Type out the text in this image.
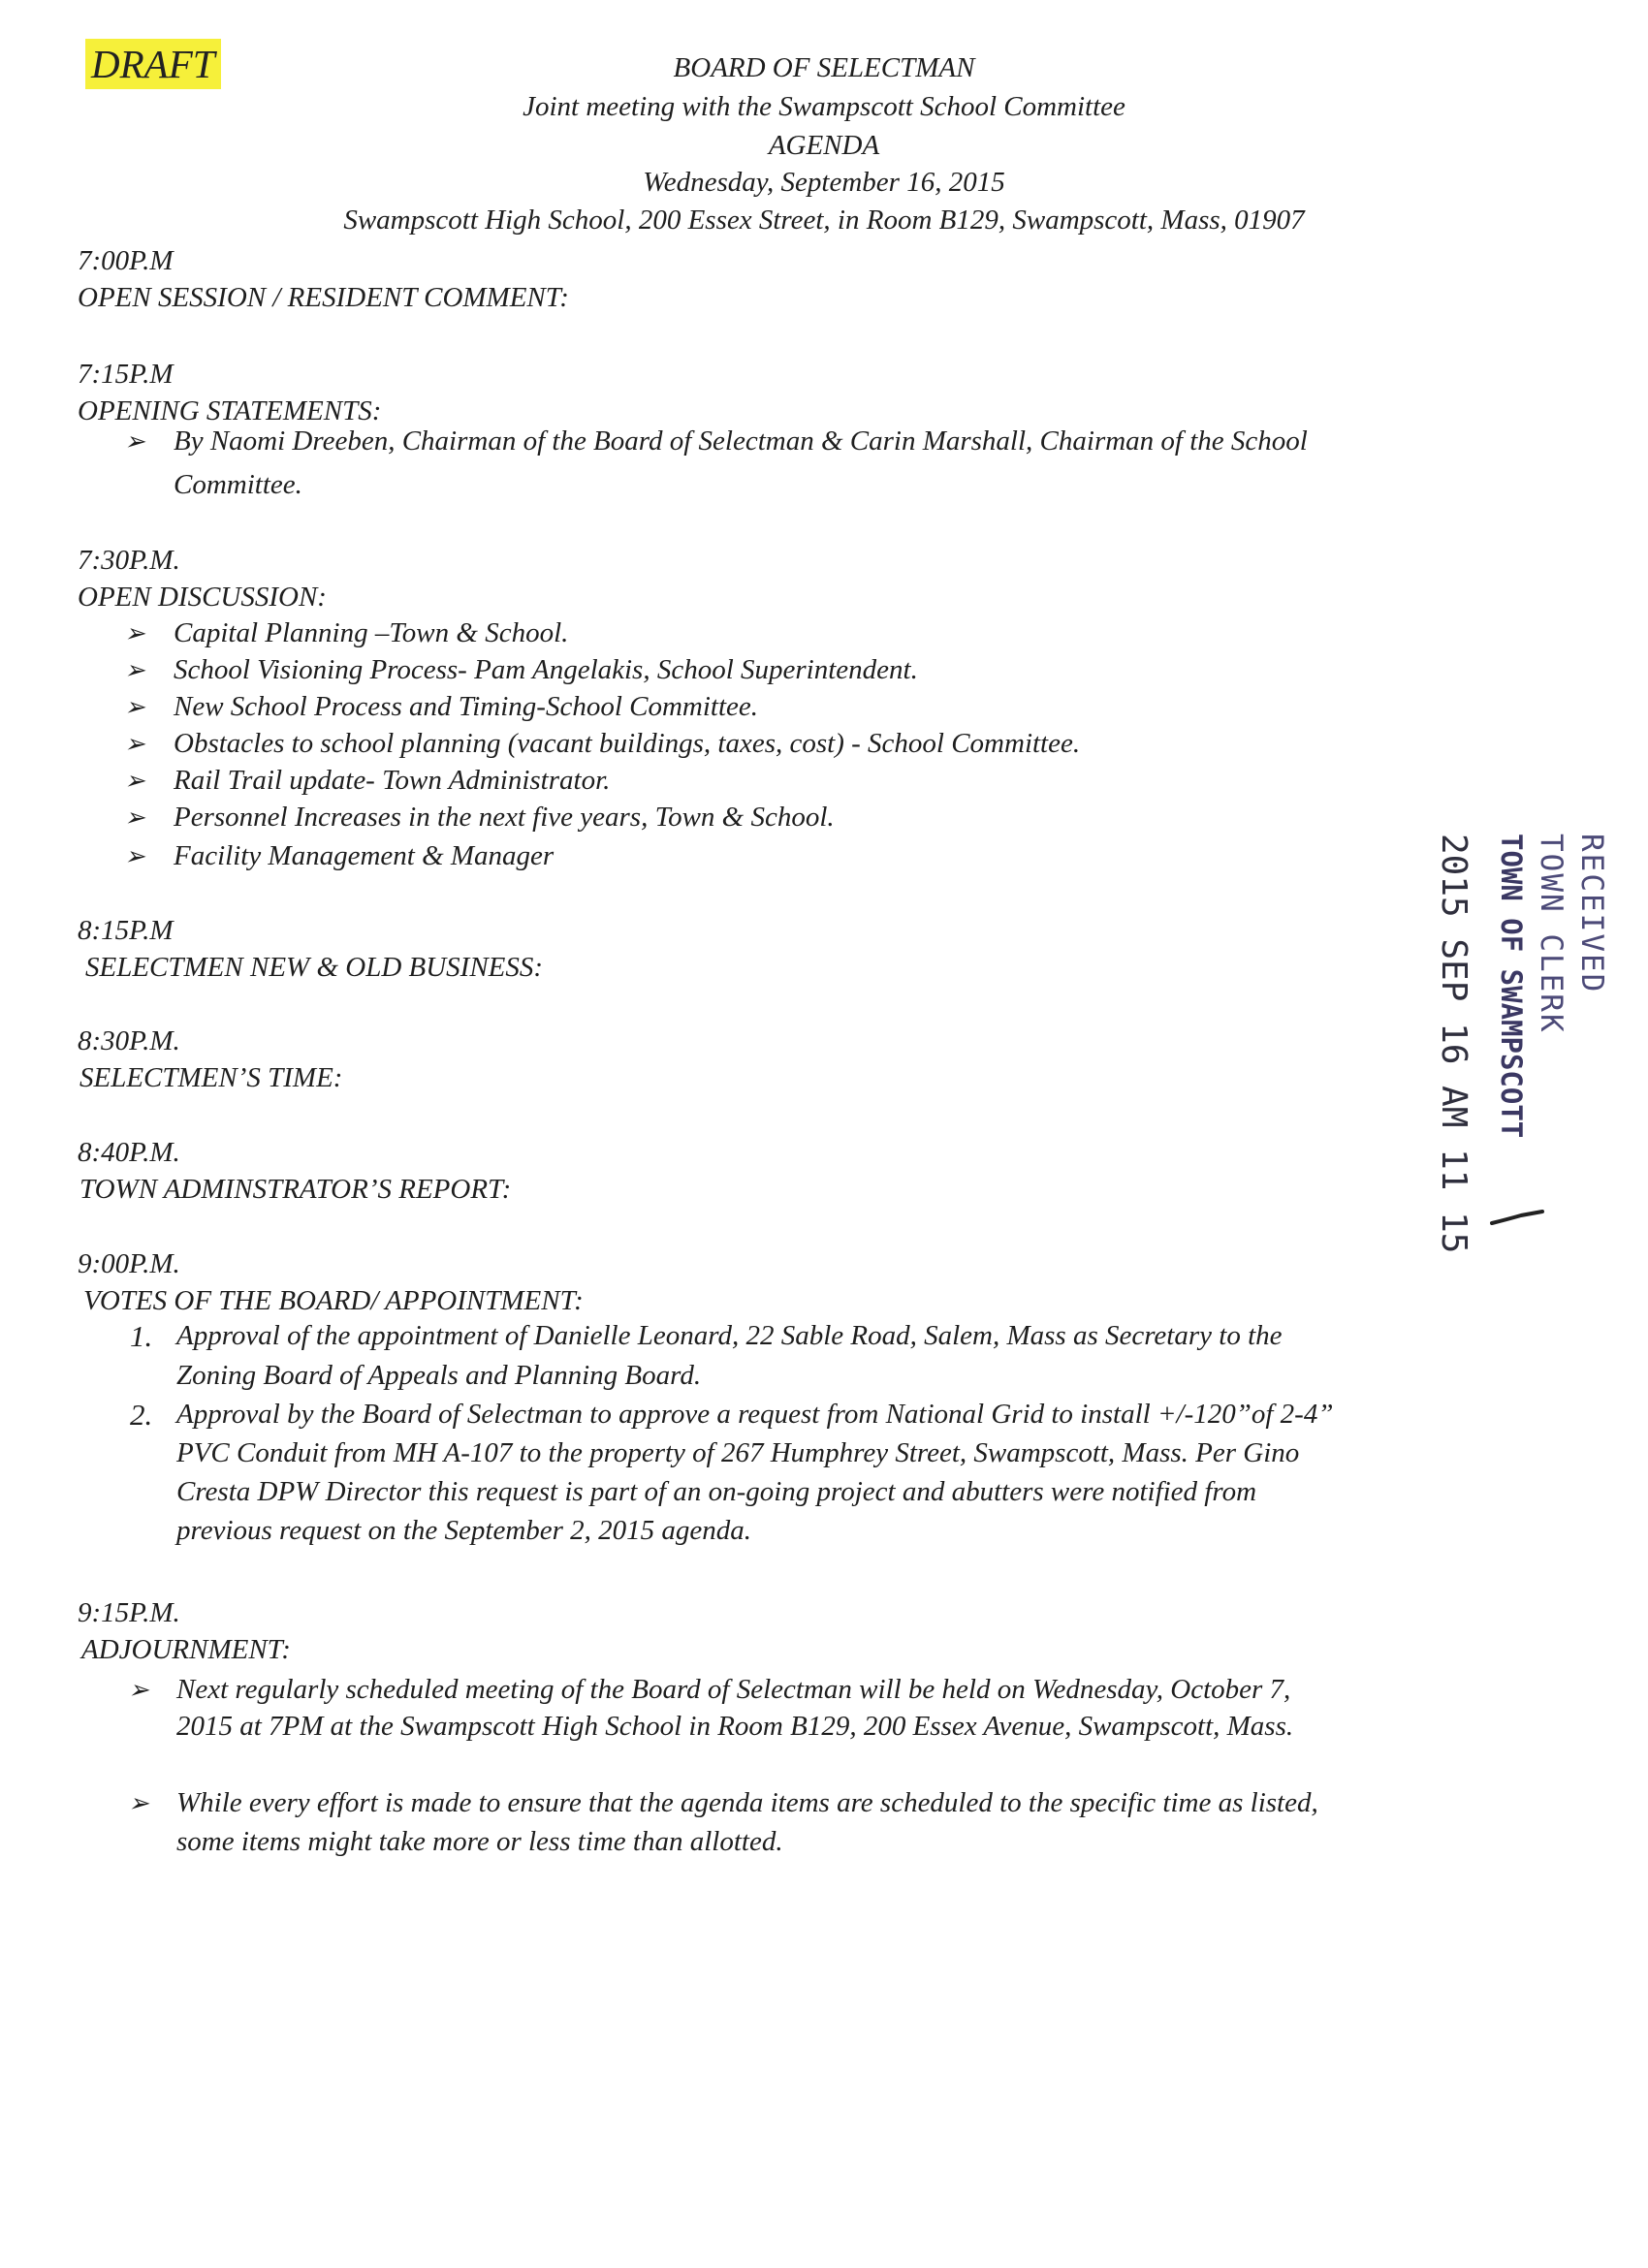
DRAFT	BOARD OF SELECTMAN
Joint meeting with the Swampscott School Committee
AGENDA
Wednesday, September 16, 2015
Swampscott High School, 200 Essex Street, in Room B129, Swampscott, Mass, 01907
7:00P.M
OPEN SESSION / RESIDENT COMMENT:
7:15P.M
OPENING STATEMENTS:
➢ By Naomi Dreeben, Chairman of the Board of Selectman & Carin Marshall, Chairman of the School
Committee.
7:30P.M.
OPEN DISCUSSION:
➢ Capital Planning –Town & School.
➢ School Visioning Process- Pam Angelakis, School Superintendent.
➢ New School Process and Timing-School Committee.
➢ Obstacles to school planning (vacant buildings, taxes, cost) - School Committee.
➢ Rail Trail update- Town Administrator.
➢ Personnel Increases in the next five years, Town & School.
➢ Facility Management & Manager
8:15P.M
SELECTMEN NEW & OLD BUSINESS:
8:30P.M.
SELECTMEN’S TIME:
8:40P.M.
TOWN ADMINSTRATOR’S REPORT:
9:00P.M.
VOTES OF THE BOARD/ APPOINTMENT:
1. Approval of the appointment of Danielle Leonard, 22 Sable Road, Salem, Mass as Secretary to the
Zoning Board of Appeals and Planning Board.
2. Approval by the Board of Selectman to approve a request from National Grid to install +/-120”of 2-4”
PVC Conduit from MH A-107 to the property of 267 Humphrey Street, Swampscott, Mass. Per Gino
Cresta DPW Director this request is part of an on-going project and abutters were notified from
previous request on the September 2, 2015 agenda.
9:15P.M.
ADJOURNMENT:
➢ Next regularly scheduled meeting of the Board of Selectman will be held on Wednesday, October 7,
2015 at 7PM at the Swampscott High School in Room B129, 200 Essex Avenue, Swampscott, Mass.
➢ While every effort is made to ensure that the agenda items are scheduled to the specific time as listed,
some items might take more or less time than allotted.
RECEIVED
TOWN CLERK
TOWN OF SWAMPSCOTT
2015 SEP 16 AM 11 15
